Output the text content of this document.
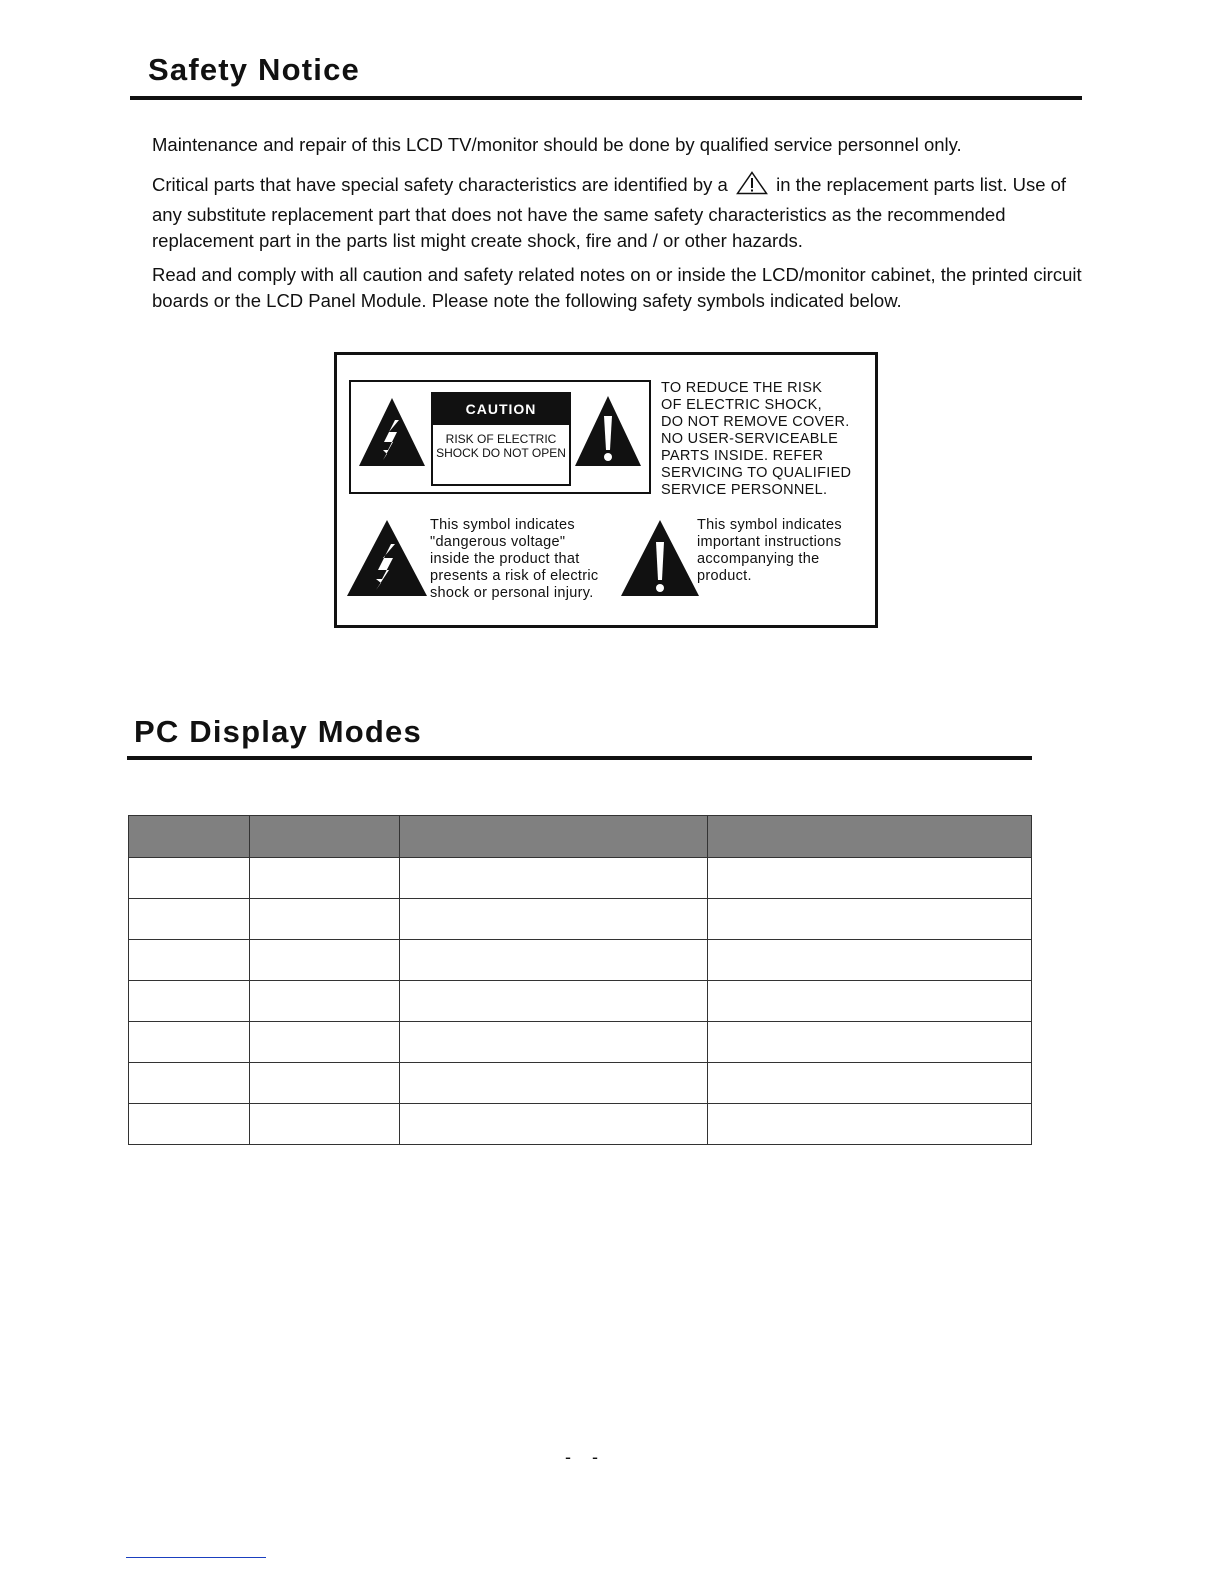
Safety Notice

Maintenance and repair of this LCD TV/monitor should be done by qualified service personnel only.

Critical parts that have special safety characteristics are identified by a	in the replacement parts list. Use of any substitute replacement part that does not have the same safety characteristics as the recommended replacement part in the parts list might create shock, fire and / or other hazards.

Read and comply with all caution and safety related notes on or inside the LCD/monitor cabinet, the printed circuit boards or the LCD Panel Module. Please note the following safety symbols indicated below.

CAUTION
RISK OF ELECTRIC SHOCK DO NOT OPEN
TO REDUCE THE RISK
OF ELECTRIC SHOCK,
DO NOT REMOVE COVER.
NO USER-SERVICEABLE
PARTS INSIDE. REFER
SERVICING TO QUALIFIED
SERVICE PERSONNEL.
This symbol indicates
"dangerous voltage"
inside the product that
presents a risk of electric
shock or personal injury.
This symbol indicates
important instructions
accompanying the
product.
PC Display Modes

- -
